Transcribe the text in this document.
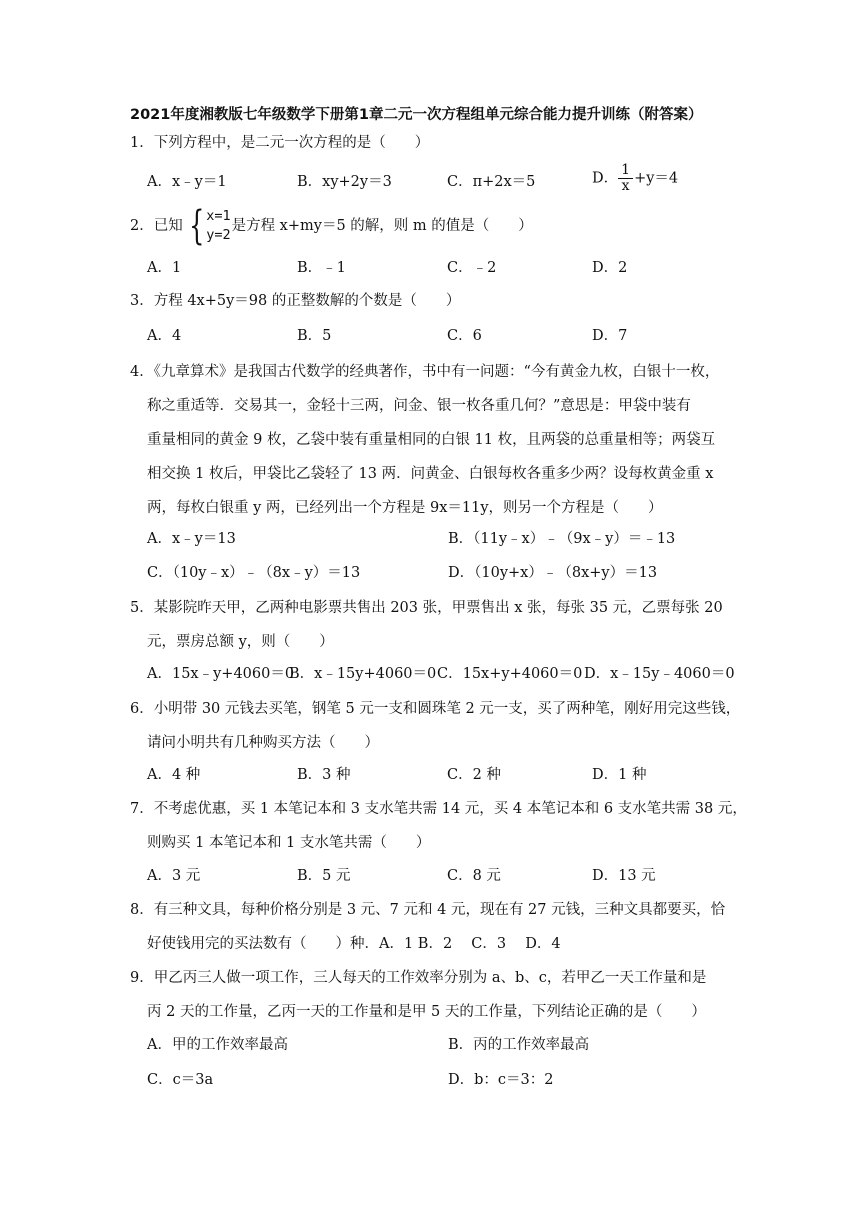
2021年度湘教版七年级数学下册第1章二元一次方程组单元综合能力提升训练（附答案）
1．下列方程中，是二元一次方程的是（　　）
A．x﹣y＝1	B．xy+2y＝3	C．π+2x＝5	D． $\frac{1}{x} +y=4$
2．已知 { x=1
y=2
是方程 x+my＝5 的解，则 m 的值是（　　）
A．1	B．﹣1	C．﹣2	D．2
3．方程 4x+5y＝98 的正整数解的个数是（　　）
A．4	B．5	C．6	D．7
4．《九章算术》是我国古代数学的经典著作，书中有一问题：“今有黄金九枚，白银十一枚，
称之重适等．交易其一，金轻十三两，问金、银一枚各重几何？”意思是：甲袋中装有
重量相同的黄金 9 枚，乙袋中装有重量相同的白银 11 枚，且两袋的总重量相等；两袋互
相交换 1 枚后，甲袋比乙袋轻了 13 两．问黄金、白银每枚各重多少两？设每枚黄金重 x
两，每枚白银重 y 两，已经列出一个方程是 9x＝11y，则另一个方程是（　　）
A．x﹣y＝13	B．（11y﹣x）﹣（9x﹣y）＝﹣13
C．（10y﹣x）﹣（8x﹣y）＝13	D．（10y+x）﹣（8x+y）＝13
5．某影院昨天甲，乙两种电影票共售出 203 张，甲票售出 x 张，每张 35 元，乙票每张 20
元，票房总额 y，则（　　）
A．15x﹣y+4060＝0
B．x﹣15y+4060＝0 C．15x+y+4060＝0 D．x﹣15y﹣4060＝0
6．小明带 30 元钱去买笔，钢笔 5 元一支和圆珠笔 2 元一支，买了两种笔，刚好用完这些钱，
请问小明共有几种购买方法（　　）
A．4 种	B．3 种	C．2 种	D．1 种
7．不考虑优惠，买 1 本笔记本和 3 支水笔共需 14 元，买 4 本笔记本和 6 支水笔共需 38 元，
则购买 1 本笔记本和 1 支水笔共需（　　）
A．3 元	B．5 元	C．8 元	D．13 元
8．有三种文具，每种价格分别是 3 元、7 元和 4 元，现在有 27 元钱，三种文具都要买，恰
好使钱用完的买法数有（　　）种．A．1 B．2　 C．3　 D．4
9．甲乙丙三人做一项工作，三人每天的工作效率分别为 a、b、c，若甲乙一天工作量和是
丙 2 天的工作量，乙丙一天的工作量和是甲 5 天的工作量，下列结论正确的是（　　）
A．甲的工作效率最高	B．丙的工作效率最高
C．c＝3a	D．b：c＝3：2
